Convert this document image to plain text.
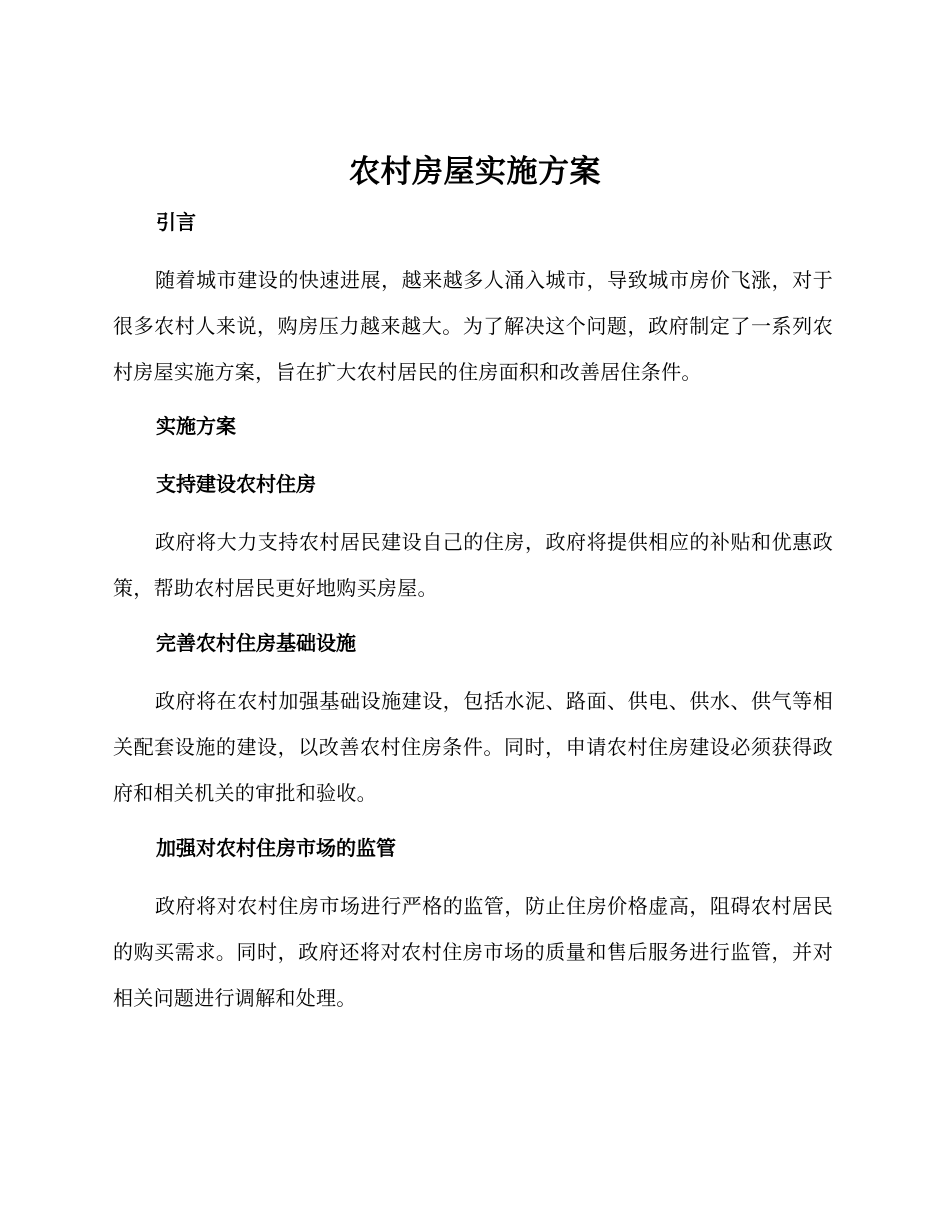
农村房屋实施方案
引言

随着城市建设的快速进展，越来越多人涌入城市，导致城市房价飞涨，对于很多农村人来说，购房压力越来越大。为了解决这个问题，政府制定了一系列农村房屋实施方案，旨在扩大农村居民的住房面积和改善居住条件。

实施方案
支持建设农村住房

政府将大力支持农村居民建设自己的住房，政府将提供相应的补贴和优惠政策，帮助农村居民更好地购买房屋。

完善农村住房基础设施

政府将在农村加强基础设施建设，包括水泥、路面、供电、供水、供气等相关配套设施的建设，以改善农村住房条件。同时，申请农村住房建设必须获得政府和相关机关的审批和验收。

加强对农村住房市场的监管

政府将对农村住房市场进行严格的监管，防止住房价格虚高，阻碍农村居民的购买需求。同时，政府还将对农村住房市场的质量和售后服务进行监管，并对相关问题进行调解和处理。
